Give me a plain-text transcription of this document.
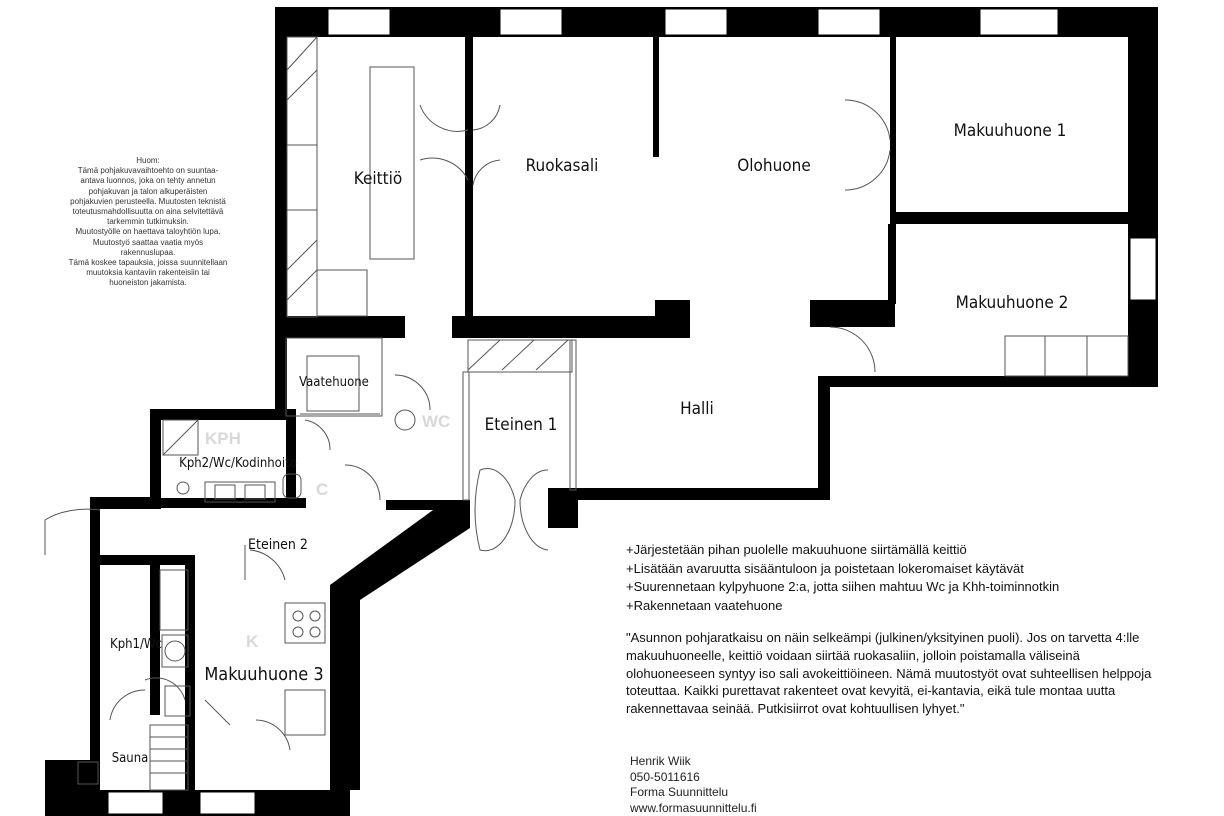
KPH
WC
C
K
Keittiö
Ruokasali	Olohuone
Makuuhuone 1
Makuuhuone 2
Vaatehuone
Eteinen 1
Halli
Kph2/Wc/Kodinhoito
Eteinen 2
Kph1/Wc
Makuuhuone 3
Sauna
Huom:
Tämä pohjakuvavaihtoehto on suuntaa-antava luonnos, joka on tehty annetun pohjakuvan ja talon alkuperäisten pohjakuvien perusteella. Muutosten teknistä toteutusmahdollisuutta on aina selvitettävä tarkemmin tutkimuksin.
Muutostyölle on haettava taloyhtiön lupa.
Muutostyö saattaa vaatia myös rakennuslupaa.
Tämä koskee tapauksia, joissa suunnitellaan muutoksia kantaviin rakenteisiin tai huoneiston jakamista.
+Järjestetään pihan puolelle makuuhuone siirtämällä keittiö
+Lisätään avaruutta sisääntuloon ja poistetaan lokeromaiset käytävät
+Suurennetaan kylpyhuone 2:a, jotta siihen mahtuu Wc ja Khh-toiminnotkin
+Rakennetaan vaatehuone
"Asunnon pohjaratkaisu on näin selkeämpi (julkinen/yksityinen puoli). Jos on tarvetta 4:lle makuuhuoneelle, keittiö voidaan siirtää ruokasaliin, jolloin poistamalla väliseinä olohuoneeseen syntyy iso sali avokeittiöineen. Nämä muutostyöt ovat suhteellisen helppoja toteuttaa. Kaikki purettavat rakenteet ovat kevyitä, ei-kantavia, eikä tule montaa uutta rakennettavaa seinää. Putkisiirrot ovat kohtuullisen lyhyet."
Henrik Wiik
050-5011616
Forma Suunnittelu
www.formasuunnittelu.fi
